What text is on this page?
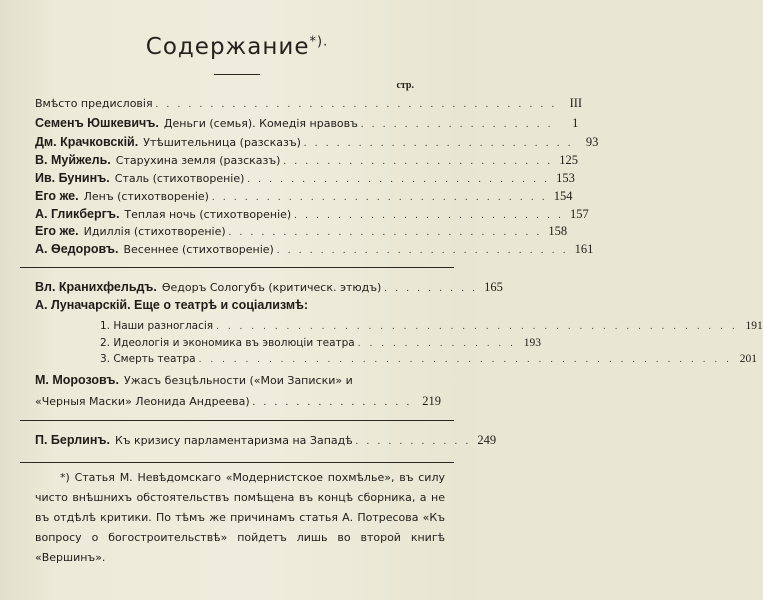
Содержание*).
стр.
Вмѣсто предисловія . . . . . . . . . . . . . . . . . . . . . . . . . . . . . . . . . . . . .	III
Семенъ Юшкевичъ. Деньги (семья). Комедія нравовъ . . . . . . . . . . . . . . . . . .	1
Дм. Крачковскій. Утѣшительница (разсказъ) . . . . . . . . . . . . . . . . . . . . . . . . .	93
В. Муйжель. Старухина земля (разсказъ) . . . . . . . . . . . . . . . . . . . . . . . . . 125
Ив. Бунинъ. Сталь (стихотвореніе) . . . . . . . . . . . . . . . . . . . . . . . . . . . . 153
Его же. Ленъ (стихотвореніе) . . . . . . . . . . . . . . . . . . . . . . . . . . . . . . . 154
А. Гликбергъ. Теплая ночь (стихотвореніе) . . . . . . . . . . . . . . . . . . . . . . . . . 157
Его же. Идиллія (стихотвореніе) . . . . . . . . . . . . . . . . . . . . . . . . . . . . . 158
А. Ѳедоровъ. Весеннее (стихотвореніе) . . . . . . . . . . . . . . . . . . . . . . . . . . . 161
Вл. Кранихфельдъ. Ѳедоръ Сологубъ (критическ. этюдъ) . . . . . . . . . 165
А. Луначарскій. Еще о театрѣ и соціализмѣ:
1. Наши разногласія . . . . . . . . . . . . . . . . . . . . . . . . . . . . . . . . . . . . . . . . . . . . . 191
2. Идеологія и экономика въ эволюціи театра . . . . . . . . . . . . . . 193
3. Смерть театра . . . . . . . . . . . . . . . . . . . . . . . . . . . . . . . . . . . . . . . . . . . . . . 201
М. Морозовъ. Ужасъ безцѣльности («Мои Записки» и
«Черныя Маски» Леонида Андреева) . . . . . . . . . . . . . . . 219
П. Берлинъ. Къ кризису парламентаризма на Западѣ . . . . . . . . . . . 249
*) Статья М. Невѣдомскаго «Модернистское похмѣлье», въ силу чисто внѣшнихъ обстоятельствъ помѣщена въ концѣ сборника, а не въ отдѣлѣ критики. По тѣмъ же причинамъ статья А. Потресова «Къ вопросу о богостроительствѣ» пойдетъ лишь во второй книгѣ «Вершинъ».
